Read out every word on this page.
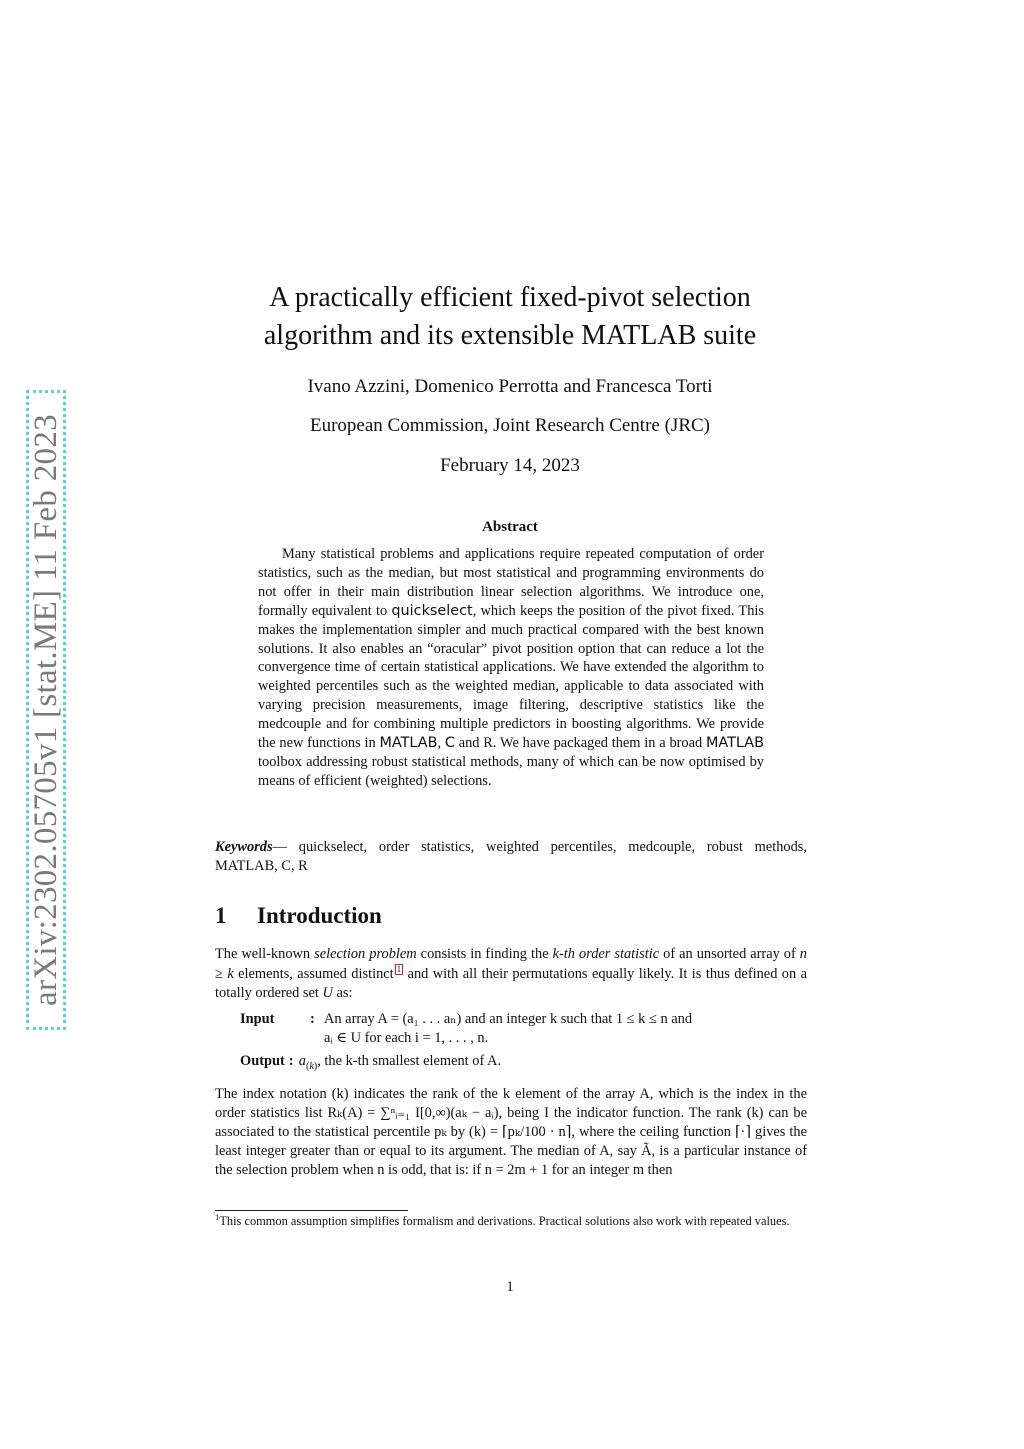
arXiv:2302.05705v1 [stat.ME] 11 Feb 2023
A practically efficient fixed-pivot selection
algorithm and its extensible MATLAB suite
Ivano Azzini, Domenico Perrotta and Francesca Torti
European Commission, Joint Research Centre (JRC)
February 14, 2023
Abstract

Many statistical problems and applications require repeated computation of order statistics, such as the median, but most statistical and programming environments do not offer in their main distribution linear selection algorithms. We introduce one, formally equivalent to quickselect, which keeps the position of the pivot fixed. This makes the implementation simpler and much practical compared with the best known solutions. It also enables an “oracular” pivot position option that can reduce a lot the convergence time of certain statistical applications. We have extended the algorithm to weighted percentiles such as the weighted median, applicable to data associated with varying precision measurements, image filtering, descriptive statistics like the medcouple and for combining multiple predictors in boosting algorithms. We provide the new functions in MATLAB, C and R. We have packaged them in a broad MATLAB toolbox addressing robust statistical methods, many of which can be now optimised by means of efficient (weighted) selections.

Keywords— quickselect, order statistics, weighted percentiles, medcouple, robust methods, MATLAB, C, R

1 Introduction

The well-known selection problem consists in finding the k-th order statistic of an unsorted array of n ≥ k elements, assumed distinct 1 and with all their permutations equally likely. It is thus defined on a totally ordered set U as:

Input	: An array A = (a₁ . . . aₙ) and an integer k such that 1 ≤ k ≤ n and
aᵢ ∈ U for each i = 1, . . . , n.
Output : $a_{(k)}$, the k-th smallest element of A.
The index notation (k) indicates the rank of the k element of the array A, which is the index in the order statistics list Rₖ(A) = ∑ⁿᵢ₌₁ I[0,∞)(aₖ − aᵢ), being I the indicator function. The rank (k) can be associated to the statistical percentile pₖ by (k) = ⌈pₖ/100 · n⌉, where the ceiling function ⌈·⌉ gives the least integer greater than or equal to its argument. The median of A, say Ã, is a particular instance of the selection problem when n is odd, that is: if n = 2m + 1 for an integer m then
$^1$This common assumption simplifies formalism and derivations. Practical solutions also work with repeated values.
1
